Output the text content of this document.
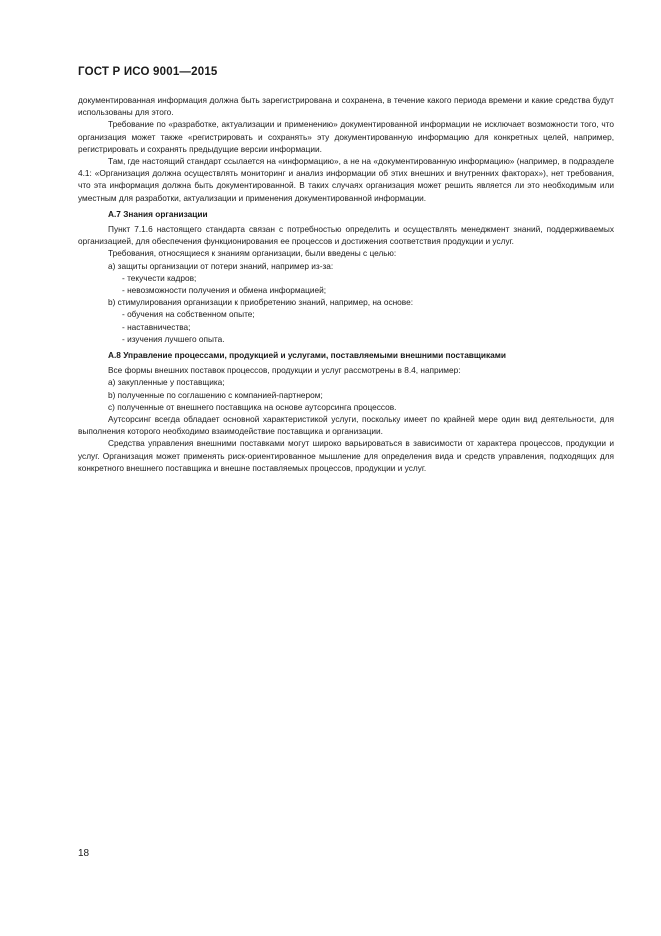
ГОСТ Р ИСО 9001—2015

документированная информация должна быть зарегистрирована и сохранена, в течение какого периода времени и какие средства будут использованы для этого.

Требование по «разработке, актуализации и применению» документированной информации не исключает возможности того, что организация может также «регистрировать и сохранять» эту документированную информацию для конкретных целей, например, регистрировать и сохранять предыдущие версии информации.

Там, где настоящий стандарт ссылается на «информацию», а не на «документированную информацию» (например, в подразделе 4.1: «Организация должна осуществлять мониторинг и анализ информации об этих внешних и внутренних факторах»), нет требования, что эта информация должна быть документированной. В таких случаях организация может решить является ли это необходимым или уместным для разработки, актуализации и применения документированной информации.

А.7 Знания организации

Пункт 7.1.6 настоящего стандарта связан с потребностью определить и осуществлять менеджмент знаний, поддерживаемых организацией, для обеспечения функционирования ее процессов и достижения соответствия продукции и услуг.

Требования, относящиеся к знаниям организации, были введены с целью:

а) защиты организации от потери знаний, например из-за:

- текучести кадров;

- невозможности получения и обмена информацией;

b) стимулирования организации к приобретению знаний, например, на основе:

- обучения на собственном опыте;

- наставничества;

- изучения лучшего опыта.

А.8 Управление процессами, продукцией и услугами, поставляемыми внешними поставщиками

Все формы внешних поставок процессов, продукции и услуг рассмотрены в 8.4, например:

а) закупленные у поставщика;

b) полученные по соглашению с компанией-партнером;

с) полученные от внешнего поставщика на основе аутсорсинга процессов.

Аутсорсинг всегда обладает основной характеристикой услуги, поскольку имеет по крайней мере один вид деятельности, для выполнения которого необходимо взаимодействие поставщика и организации.

Средства управления внешними поставками могут широко варьироваться в зависимости от характера процессов, продукции и услуг. Организация может применять риск-ориентированное мышление для определения вида и средств управления, подходящих для конкретного внешнего поставщика и внешне поставляемых процессов, продукции и услуг.

18
